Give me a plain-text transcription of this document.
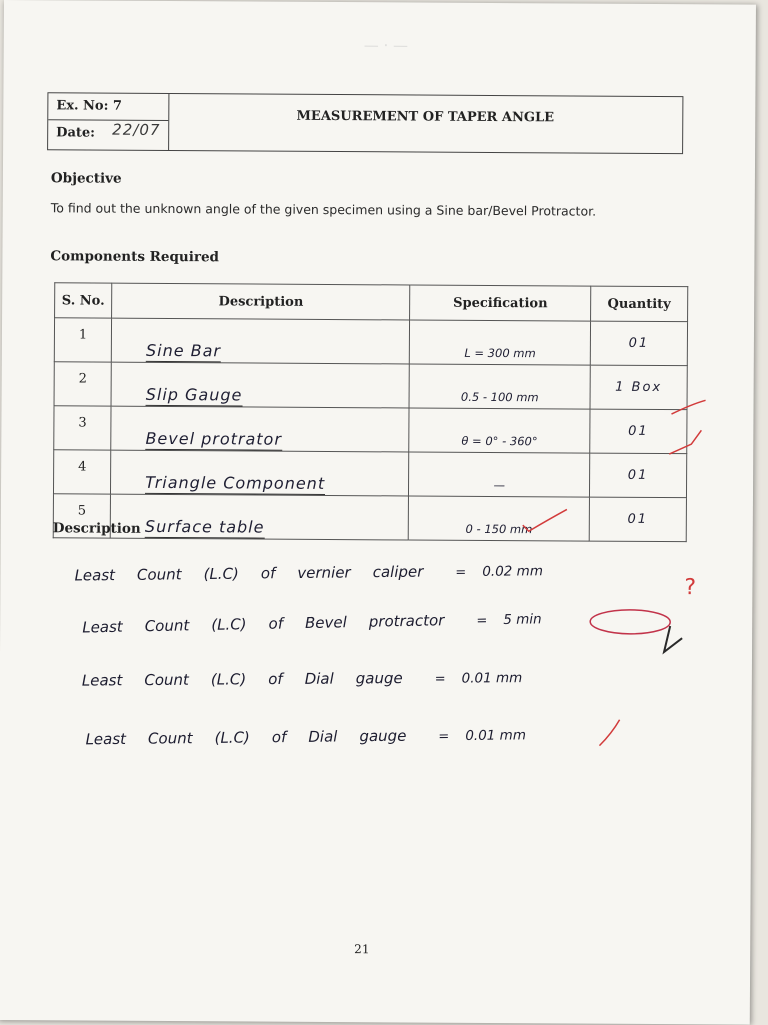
— · —
Ex. No: 7
Date: 22/07
MEASUREMENT OF TAPER ANGLE
Objective
To find out the unknown angle of the given specimen using a Sine bar/Bevel Protractor.
Components Required
S. No.	Description	Specification	Quantity
1	Sine Bar	L = 300 mm	01
2	Slip Gauge	0.5 - 100 mm	1 Box
3	Bevel protrator	θ = 0° - 360°	01
4	Triangle Component	—	01
5	Surface table	0 - 150 mm	01
Description
Least Count (L.C) of vernier caliper = 0.02 mm
Least Count (L.C) of Bevel protractor = 5 min
Least Count (L.C) of Dial gauge = 0.01 mm
Least Count (L.C) of Dial gauge = 0.01 mm
?
21
